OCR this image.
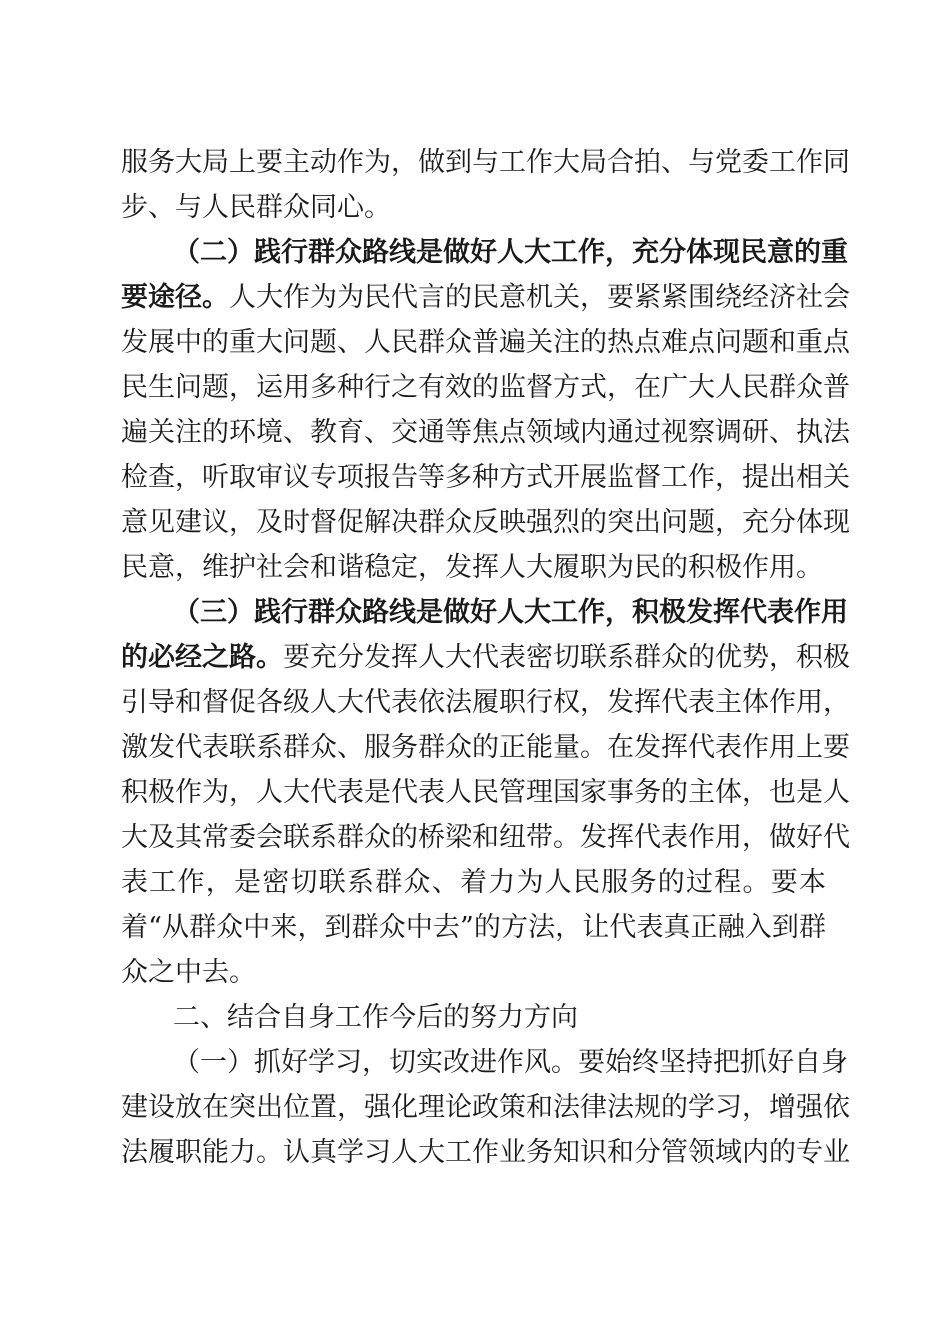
服务大局上要主动作为，做到与工作大局合拍、与党委工作同
步、与人民群众同心。
（二）践行群众路线是做好人大工作，充分体现民意的重
要途径。人大作为为民代言的民意机关，要紧紧围绕经济社会
发展中的重大问题、人民群众普遍关注的热点难点问题和重点
民生问题，运用多种行之有效的监督方式，在广大人民群众普
遍关注的环境、教育、交通等焦点领域内通过视察调研、执法
检查，听取审议专项报告等多种方式开展监督工作，提出相关
意见建议，及时督促解决群众反映强烈的突出问题，充分体现
民意，维护社会和谐稳定，发挥人大履职为民的积极作用。
（三）践行群众路线是做好人大工作，积极发挥代表作用
的必经之路。要充分发挥人大代表密切联系群众的优势，积极
引导和督促各级人大代表依法履职行权，发挥代表主体作用，
激发代表联系群众、服务群众的正能量。在发挥代表作用上要
积极作为，人大代表是代表人民管理国家事务的主体，也是人
大及其常委会联系群众的桥梁和纽带。发挥代表作用，做好代
表工作，是密切联系群众、着力为人民服务的过程。要本
着“从群众中来，到群众中去”的方法，让代表真正融入到群
众之中去。
二、结合自身工作今后的努力方向
（一）抓好学习，切实改进作风。要始终坚持把抓好自身
建设放在突出位置，强化理论政策和法律法规的学习，增强依
法履职能力。认真学习人大工作业务知识和分管领域内的专业
